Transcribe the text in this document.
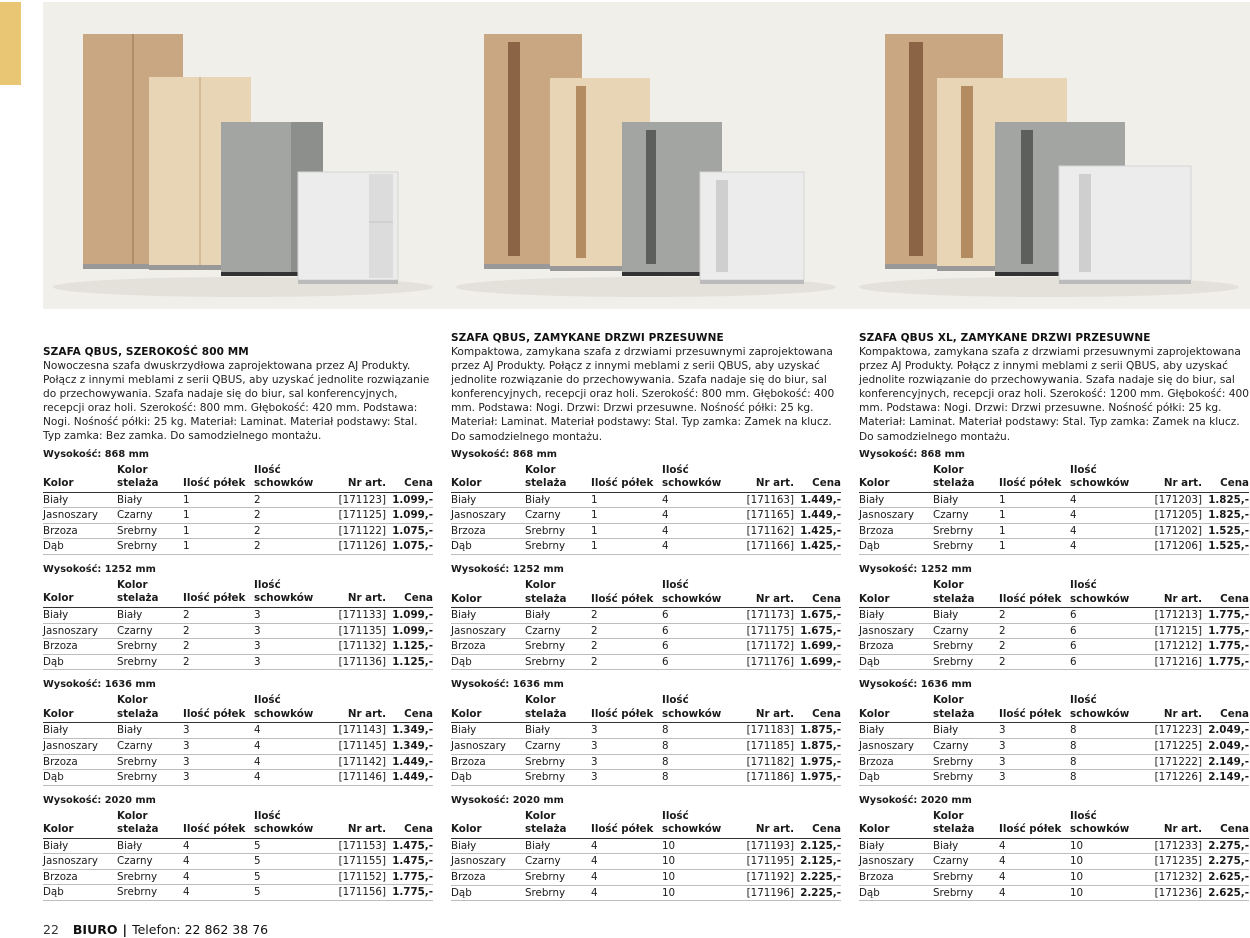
SZAFA QBUS, SZEROKOŚĆ 800 MM
Nowoczesna szafa dwuskrzydłowa zaprojektowana przez AJ Produkty. Połącz z innymi meblami z serii QBUS, aby uzyskać jednolite rozwiązanie do przechowywania. Szafa nadaje się do biur, sal konferencyjnych, recepcji oraz holi. Szerokość: 800 mm. Głębokość: 420 mm. Podstawa: Nogi. Nośność półki: 25 kg. Materiał: Laminat. Materiał podstawy: Stal. Typ zamka: Bez zamka. Do samodzielnego montażu.
Wysokość: 868 mm
Kolor	Kolor stelaża	Ilość półek	Ilość schowków	Nr art.	Cena
Biały	Biały	1	2	[171123]	1.099,-
Jasnoszary	Czarny	1	2	[171125]	1.099,-
Brzoza	Srebrny	1	2	[171122]	1.075,-
Dąb	Srebrny	1	2	[171126]	1.075,-
Wysokość: 1252 mm
Kolor	Kolor stelaża	Ilość półek	Ilość schowków	Nr art.	Cena
Biały	Biały	2	3	[171133]	1.099,-
Jasnoszary	Czarny	2	3	[171135]	1.099,-
Brzoza	Srebrny	2	3	[171132]	1.125,-
Dąb	Srebrny	2	3	[171136]	1.125,-
Wysokość: 1636 mm
Kolor	Kolor stelaża	Ilość półek	Ilość schowków	Nr art.	Cena
Biały	Biały	3	4	[171143]	1.349,-
Jasnoszary	Czarny	3	4	[171145]	1.349,-
Brzoza	Srebrny	3	4	[171142]	1.449,-
Dąb	Srebrny	3	4	[171146]	1.449,-
Wysokość: 2020 mm
Kolor	Kolor stelaża	Ilość półek	Ilość schowków	Nr art.	Cena
Biały	Biały	4	5	[171153]	1.475,-
Jasnoszary	Czarny	4	5	[171155]	1.475,-
Brzoza	Srebrny	4	5	[171152]	1.775,-
Dąb	Srebrny	4	5	[171156]	1.775,-
SZAFA QBUS, ZAMYKANE DRZWI PRZESUWNE
Kompaktowa, zamykana szafa z drzwiami przesuwnymi zaprojektowana przez AJ Produkty. Połącz z innymi meblami z serii QBUS, aby uzyskać jednolite rozwiązanie do przechowywania. Szafa nadaje się do biur, sal konferencyjnych, recepcji oraz holi. Szerokość: 800 mm. Głębokość: 400 mm. Podstawa: Nogi. Drzwi: Drzwi przesuwne. Nośność półki: 25 kg. Materiał: Laminat. Materiał podstawy: Stal. Typ zamka: Zamek na klucz. Do samodzielnego montażu.
Wysokość: 868 mm
Kolor	Kolor stelaża	Ilość półek	Ilość schowków	Nr art.	Cena
Biały	Biały	1	4	[171163]	1.449,-
Jasnoszary	Czarny	1	4	[171165]	1.449,-
Brzoza	Srebrny	1	4	[171162]	1.425,-
Dąb	Srebrny	1	4	[171166]	1.425,-
Wysokość: 1252 mm
Kolor	Kolor stelaża	Ilość półek	Ilość schowków	Nr art.	Cena
Biały	Biały	2	6	[171173]	1.675,-
Jasnoszary	Czarny	2	6	[171175]	1.675,-
Brzoza	Srebrny	2	6	[171172]	1.699,-
Dąb	Srebrny	2	6	[171176]	1.699,-
Wysokość: 1636 mm
Kolor	Kolor stelaża	Ilość półek	Ilość schowków	Nr art.	Cena
Biały	Biały	3	8	[171183]	1.875,-
Jasnoszary	Czarny	3	8	[171185]	1.875,-
Brzoza	Srebrny	3	8	[171182]	1.975,-
Dąb	Srebrny	3	8	[171186]	1.975,-
Wysokość: 2020 mm
Kolor	Kolor stelaża	Ilość półek	Ilość schowków	Nr art.	Cena
Biały	Biały	4	10	[171193]	2.125,-
Jasnoszary	Czarny	4	10	[171195]	2.125,-
Brzoza	Srebrny	4	10	[171192]	2.225,-
Dąb	Srebrny	4	10	[171196]	2.225,-
SZAFA QBUS XL, ZAMYKANE DRZWI PRZESUWNE
Kompaktowa, zamykana szafa z drzwiami przesuwnymi zaprojektowana przez AJ Produkty. Połącz z innymi meblami z serii QBUS, aby uzyskać jednolite rozwiązanie do przechowywania. Szafa nadaje się do biur, sal konferencyjnych, recepcji oraz holi. Szerokość: 1200 mm. Głębokość: 400 mm. Podstawa: Nogi. Drzwi: Drzwi przesuwne. Nośność półki: 25 kg. Materiał: Laminat. Materiał podstawy: Stal. Typ zamka: Zamek na klucz. Do samodzielnego montażu.
Wysokość: 868 mm
Kolor	Kolor stelaża	Ilość półek	Ilość schowków	Nr art.	Cena
Biały	Biały	1	4	[171203]	1.825,-
Jasnoszary	Czarny	1	4	[171205]	1.825,-
Brzoza	Srebrny	1	4	[171202]	1.525,-
Dąb	Srebrny	1	4	[171206]	1.525,-
Wysokość: 1252 mm
Kolor	Kolor stelaża	Ilość półek	Ilość schowków	Nr art.	Cena
Biały	Biały	2	6	[171213]	1.775,-
Jasnoszary	Czarny	2	6	[171215]	1.775,-
Brzoza	Srebrny	2	6	[171212]	1.775,-
Dąb	Srebrny	2	6	[171216]	1.775,-
Wysokość: 1636 mm
Kolor	Kolor stelaża	Ilość półek	Ilość schowków	Nr art.	Cena
Biały	Biały	3	8	[171223]	2.049,-
Jasnoszary	Czarny	3	8	[171225]	2.049,-
Brzoza	Srebrny	3	8	[171222]	2.149,-
Dąb	Srebrny	3	8	[171226]	2.149,-
Wysokość: 2020 mm
Kolor	Kolor stelaża	Ilość półek	Ilość schowków	Nr art.	Cena
Biały	Biały	4	10	[171233]	2.275,-
Jasnoszary	Czarny	4	10	[171235]	2.275,-
Brzoza	Srebrny	4	10	[171232]	2.625,-
Dąb	Srebrny	4	10	[171236]	2.625,-
22 BIURO | Telefon: 22 862 38 76
